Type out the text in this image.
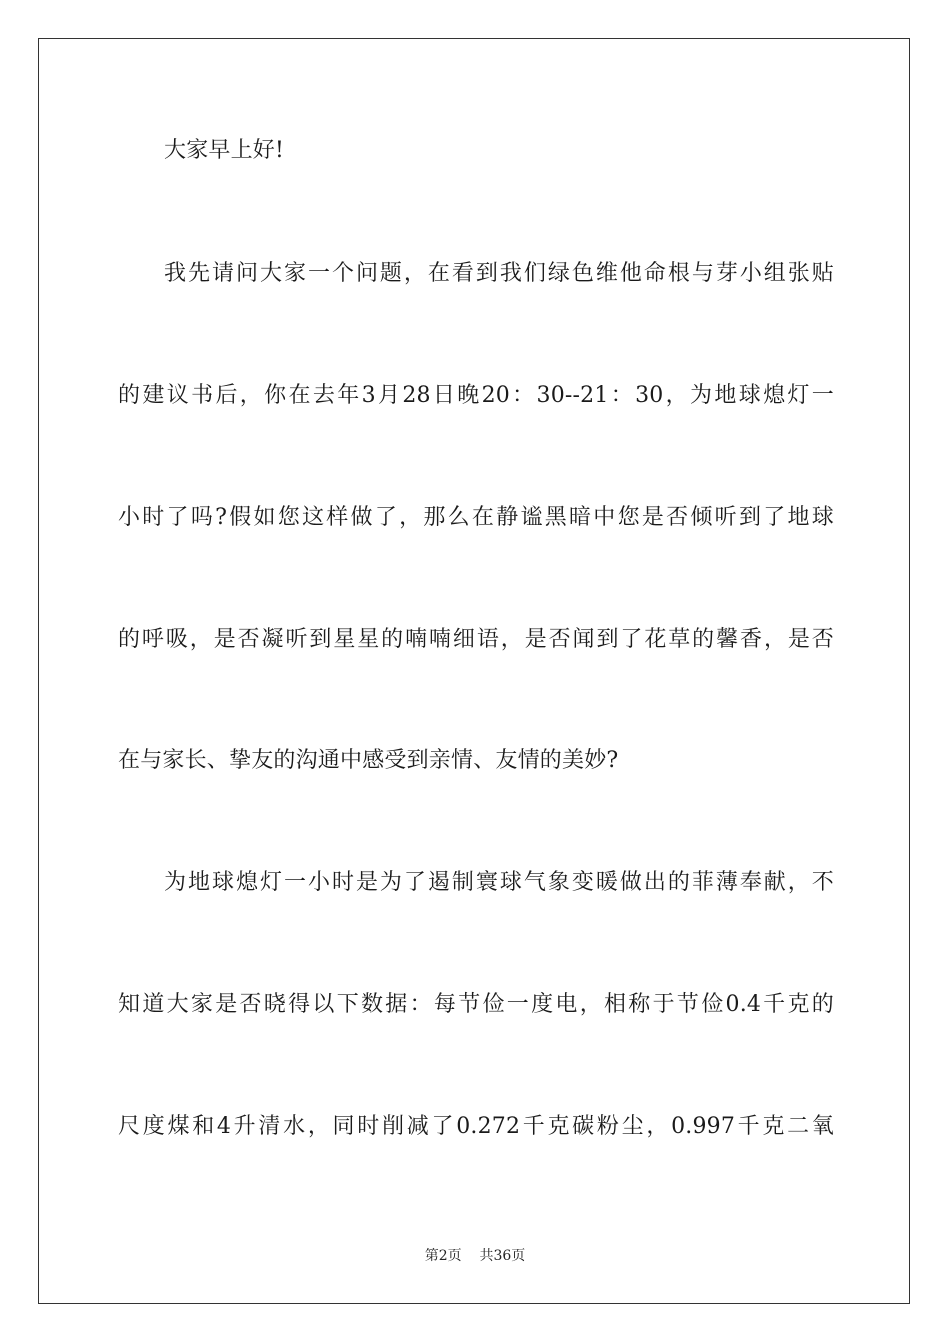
大家早上好!
我先请问大家一个问题，在看到我们绿色维他命根与芽小组张贴
的建议书后，你在去年3月28日晚20：30--21：30，为地球熄灯一
小时了吗?假如您这样做了，那么在静谧黑暗中您是否倾听到了地球
的呼吸，是否凝听到星星的喃喃细语，是否闻到了花草的馨香，是否
在与家长、挚友的沟通中感受到亲情、友情的美妙?
为地球熄灯一小时是为了遏制寰球气象变暖做出的菲薄奉献，不
知道大家是否晓得以下数据：每节俭一度电，相称于节俭0.4千克的
尺度煤和4升清水，同时削减了0.272千克碳粉尘，0.997千克二氧
第2页 共36页
